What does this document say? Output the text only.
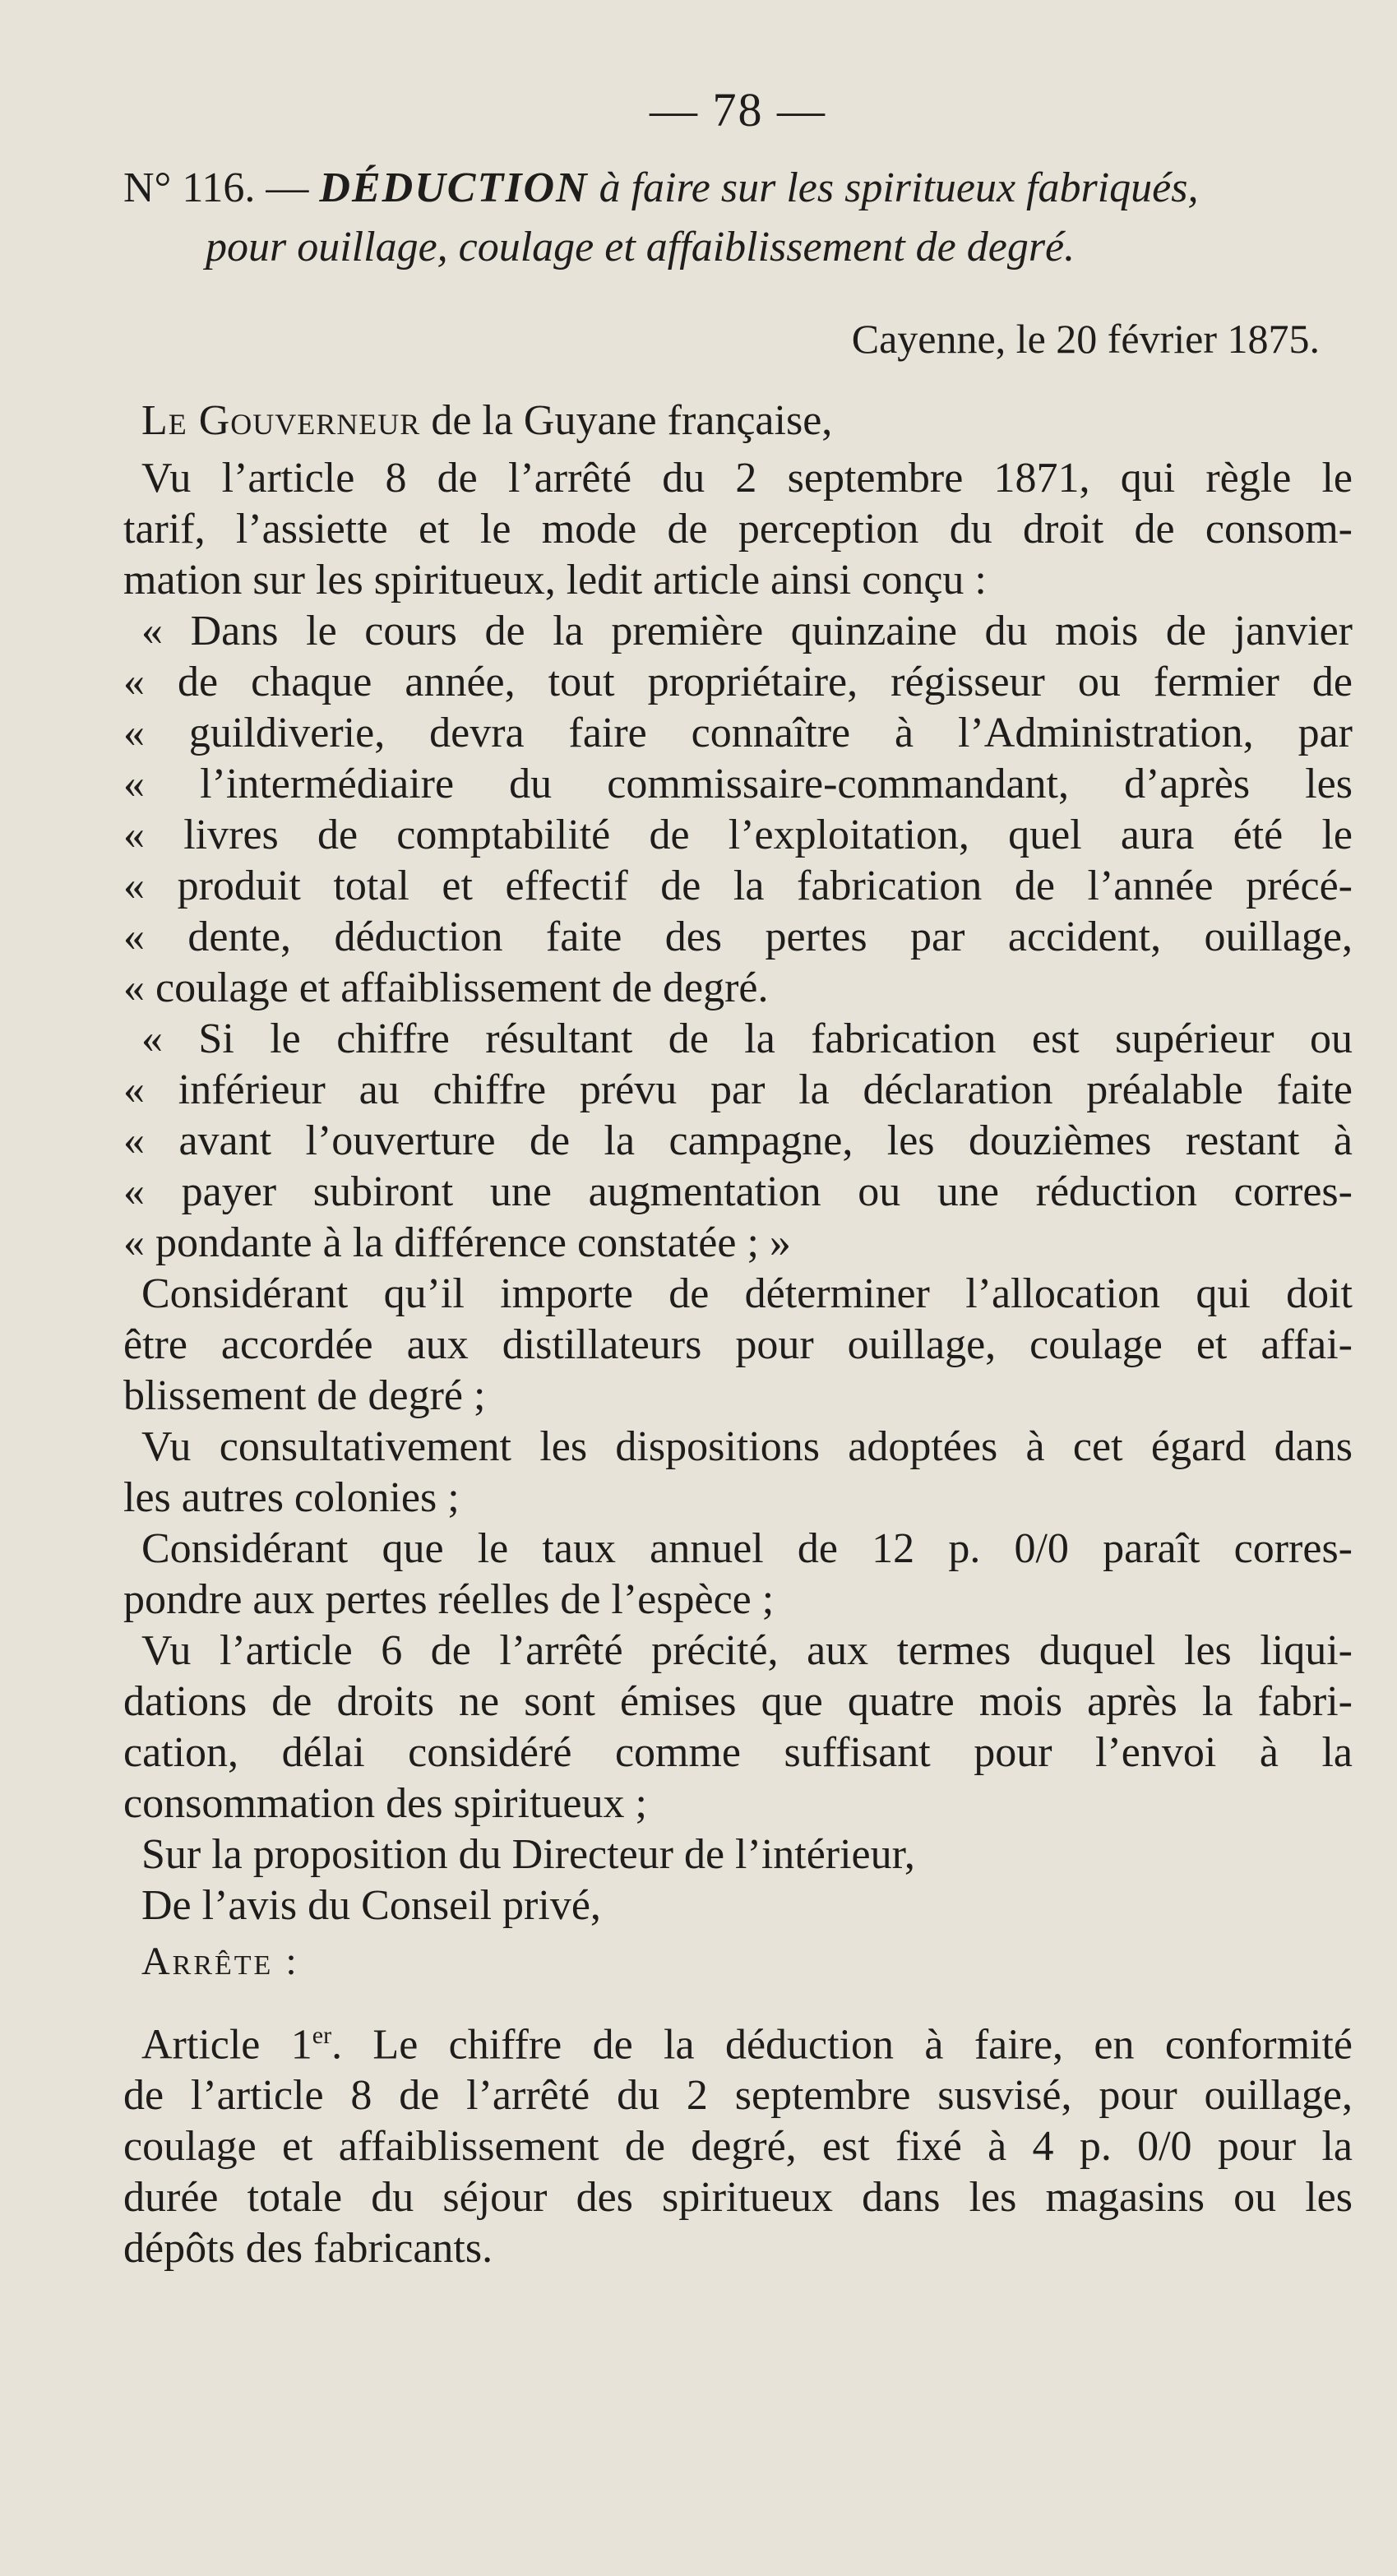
— 78 —

N° 116. — DÉDUCTION à faire sur les spiritueux fabriqués,

pour ouillage, coulage et affaiblissement de degré.

Cayenne, le 20 février 1875.

Le Gouverneur de la Guyane française,

Vu l’article 8 de l’arrêté du 2 septembre 1871, qui règle le

tarif, l’assiette et le mode de perception du droit de consom-

mation sur les spiritueux, ledit article ainsi conçu :

« Dans le cours de la première quinzaine du mois de janvier

« de chaque année, tout propriétaire, régisseur ou fermier de

« guildiverie, devra faire connaître à l’Administration, par

« l’intermédiaire du commissaire-commandant, d’après les

« livres de comptabilité de l’exploitation, quel aura été le

« produit total et effectif de la fabrication de l’année précé-

« dente, déduction faite des pertes par accident, ouillage,

« coulage et affaiblissement de degré.

« Si le chiffre résultant de la fabrication est supérieur ou

« inférieur au chiffre prévu par la déclaration préalable faite

« avant l’ouverture de la campagne, les douzièmes restant à

« payer subiront une augmentation ou une réduction corres-

« pondante à la différence constatée ; »

Considérant qu’il importe de déterminer l’allocation qui doit

être accordée aux distillateurs pour ouillage, coulage et affai-

blissement de degré ;

Vu consultativement les dispositions adoptées à cet égard dans

les autres colonies ;

Considérant que le taux annuel de 12 p. 0/0 paraît corres-

pondre aux pertes réelles de l’espèce ;

Vu l’article 6 de l’arrêté précité, aux termes duquel les liqui-

dations de droits ne sont émises que quatre mois après la fabri-

cation, délai considéré comme suffisant pour l’envoi à la

consommation des spiritueux ;

Sur la proposition du Directeur de l’intérieur,

De l’avis du Conseil privé,

Arrête :

Article 1er. Le chiffre de la déduction à faire, en conformité

de l’article 8 de l’arrêté du 2 septembre susvisé, pour ouillage,

coulage et affaiblissement de degré, est fixé à 4 p. 0/0 pour la

durée totale du séjour des spiritueux dans les magasins ou les

dépôts des fabricants.
